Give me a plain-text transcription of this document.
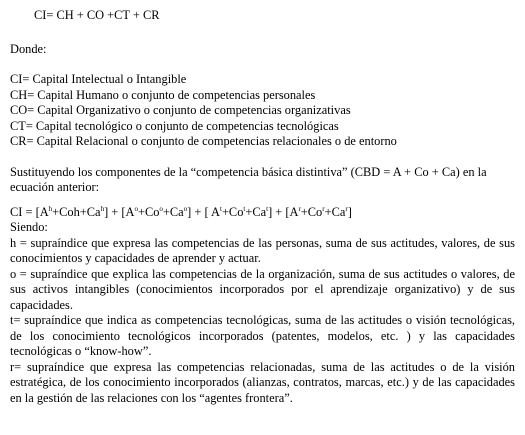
CI= CH + CO +CT + CR
Donde:
CI= Capital Intelectual o Intangible
CH= Capital Humano o conjunto de competencias personales
CO= Capital Organizativo o conjunto de competencias organizativas
CT= Capital tecnológico o conjunto de competencias tecnológicas
CR= Capital Relacional o conjunto de competencias relacionales o de entorno
Sustituyendo los componentes de la “competencia básica distintiva” (CBD = A + Co + Ca) en la ecuación anterior:
CI = $[A^h+Coh+Ca^h] + [A^o+Co^o+Ca^o]$ + [ $A^t+Co^t+Ca^t] + [A^r+Co^r+Ca^r]$
Siendo:
h = supraíndice que expresa las competencias de las personas, suma de sus actitudes, valores, de sus conocimientos y capacidades de aprender y actuar.
o = supraíndice que explica las competencias de la organización, suma de sus actitudes o valores, de sus activos intangibles (conocimientos incorporados por el aprendizaje organizativo) y de sus capacidades.
t= supraíndice que indica as competencias tecnológicas, suma de las actitudes o visión tecnológicas, de los conocimiento tecnológicos incorporados (patentes, modelos, etc. ) y las capacidades tecnológicas o “know-how”.
r= supraíndice que expresa las competencias relacionadas, suma de las actitudes o de la visión estratégica, de los conocimiento incorporados (alianzas, contratos, marcas, etc.) y de las capacidades en la gestión de las relaciones con los “agentes frontera”.
